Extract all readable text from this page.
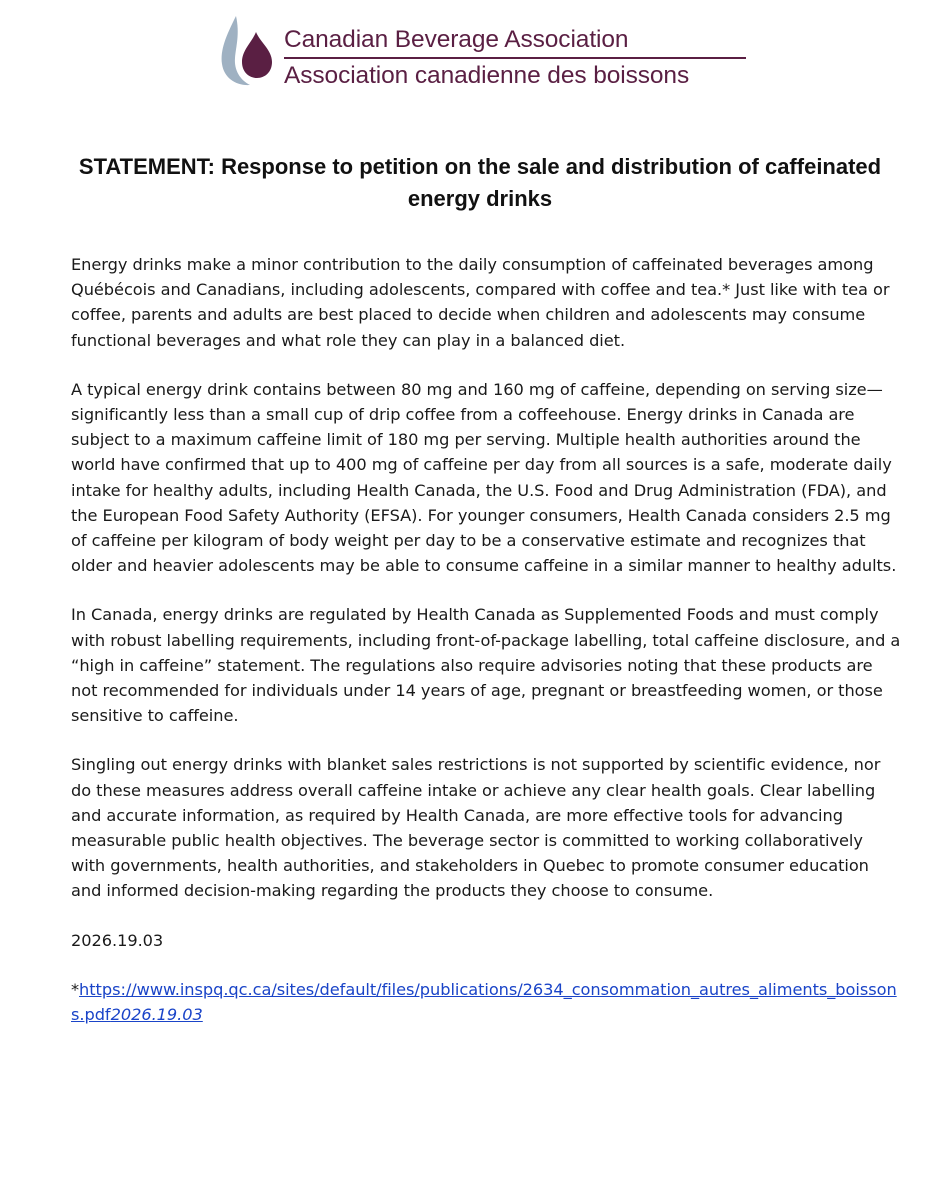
Canadian Beverage Association
Association canadienne des boissons
STATEMENT: Response to petition on the sale and distribution of caffeinated energy drinks

Energy drinks make a minor contribution to the daily consumption of caffeinated beverages among Québécois and Canadians, including adolescents, compared with coffee and tea.* Just like with tea or coffee, parents and adults are best placed to decide when children and adolescents may consume functional beverages and what role they can play in a balanced diet.

A typical energy drink contains between 80 mg and 160 mg of caffeine, depending on serving size—significantly less than a small cup of drip coffee from a coffeehouse. Energy drinks in Canada are subject to a maximum caffeine limit of 180 mg per serving. Multiple health authorities around the world have confirmed that up to 400 mg of caffeine per day from all sources is a safe, moderate daily intake for healthy adults, including Health Canada, the U.S. Food and Drug Administration (FDA), and the European Food Safety Authority (EFSA). For younger consumers, Health Canada considers 2.5 mg of caffeine per kilogram of body weight per day to be a conservative estimate and recognizes that older and heavier adolescents may be able to consume caffeine in a similar manner to healthy adults.

In Canada, energy drinks are regulated by Health Canada as Supplemented Foods and must comply with robust labelling requirements, including front-of-package labelling, total caffeine disclosure, and a “high in caffeine” statement. The regulations also require advisories noting that these products are not recommended for individuals under 14 years of age, pregnant or breastfeeding women, or those sensitive to caffeine.

Singling out energy drinks with blanket sales restrictions is not supported by scientific evidence, nor do these measures address overall caffeine intake or achieve any clear health goals. Clear labelling and accurate information, as required by Health Canada, are more effective tools for advancing measurable public health objectives. The beverage sector is committed to working collaboratively with governments, health authorities, and stakeholders in Quebec to promote consumer education and informed decision-making regarding the products they choose to consume.

2026.19.03
*https://www.inspq.qc.ca/sites/default/files/publications/2634_consommation_autres_aliments_boissons.pdf2026.19.03
